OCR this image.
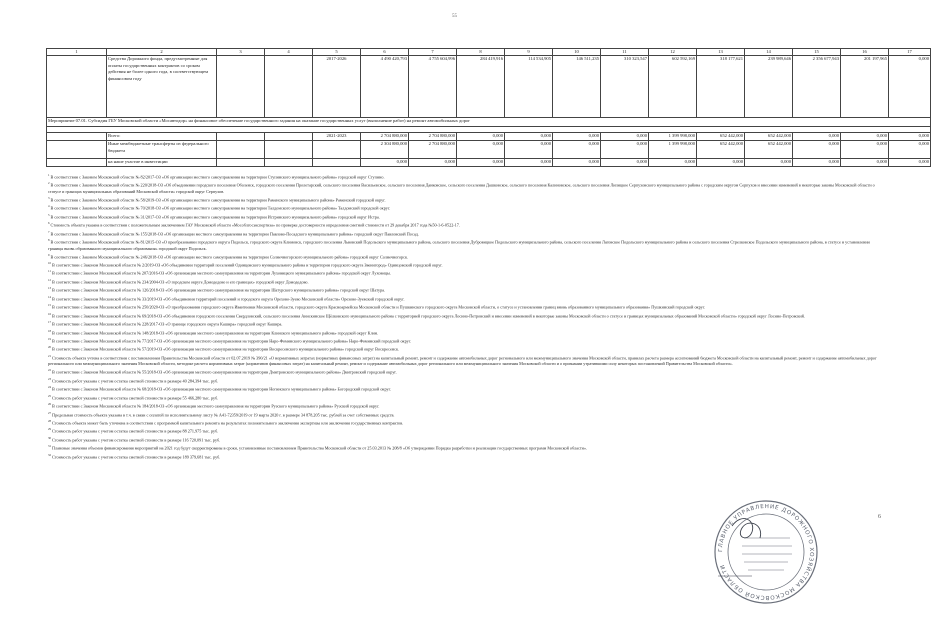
55
1	2	3	4	5	6	7	8	9	10	11	12	13	14	15	16	17
	Средства Дорожного фонда, предусмотренные для оплаты государственных контрактов со сроком действия не более одного года, в соответствующем финансовом году			2017-2026	4 490 420,793	4 755 604,996	284 419,916	114 534,905	146 511,235	310 323,547	602 592,169	318 177,621	239 989,646	2 356 677,943	201 197,965	0,000
Мероприятие 07.01. Субсидия ГБУ Московской области «Мосавтодор» на финансовое обеспечение государственного задания на оказание государственных услуг (выполнение работ) на ремонт автомобильных дорог																

	Всего:			2021-2023	2 704 880,000	2 704 880,000	0,000	0,000	0,000	0,000	1 399 998,000	652 442,000	652 442,000	0,000	0,000	0,000
	Иные межбюджетные трансферты из федерального бюджета				2 304 880,000	2 704 880,000	0,000	0,000	0,000	0,000	1 399 998,000	652 442,000	652 442,000	0,000	0,000	0,000
	на наше участие в инвестиции				0,000	0,000	0,000	0,000	0,000	0,000	0,000	0,000	0,000	0,000	0,000	0,000
$^1$ В соответствии с Законом Московской области № 82/2017-ОЗ «Об организации местного самоуправления на территории Ступинского муниципального района» городской округ Ступино.
$^2$ В соответствии с Законом Московской области № 220/2018-ОЗ «Об объединении городского поселения Оболенск, городского поселения Пролетарский, сельского поселения Васильевское, сельского поселения Данковское, сельского поселения Дашковское, сельского поселения Калиновское, сельского поселения Липицкое Серпуховского муниципального района с городским округом Серпухов и внесении изменений в некоторые законы Московской области о статусе и границах муниципальных образований Московской области» городской округ Серпухов.
$^3$ В соответствии с Законом Московской области № 58/2019-ОЗ «Об организации местного самоуправления на территории Раменского муниципального района» Раменский городской округ.
$^4$ В соответствии с Законом Московской области № 70/2018-ОЗ «Об организации местного самоуправления на территории Талдомского муниципального района» Талдомский городской округ.
$^5$ В соответствии с Законом Московской области № 31/2017-ОЗ «Об организации местного самоуправления на территории Истринского муниципального района» городской округ Истра.
$^6$ Стоимость объекта указана в соответствии с положительным заключением ГАУ Московской области «Мособлгосэкспертиза» по проверке достоверности определения сметной стоимости от 29 декабря 2017 года №50-1-6-0522-17.
$^7$ В соответствии с Законом Московской области № 155/2018-ОЗ «Об организации местного самоуправления на территории Павлово-Посадского муниципального района» городской округ Павловский Посад.
$^8$ В соответствии с Законом Московской области № 81/2015-ОЗ «О преобразовании городского округа Подольск, городского округа Климовск, городского поселения Львовский Подольского муниципального района, сельского поселения Дубровицкое Подольского муниципального района, сельского поселения Лаговское Подольского муниципального района и сельского поселения Стрелковское Подольского муниципального района, в статусе и установлении границы вновь образованного муниципального образования» городской округ Подольск.
$^9$ В соответствии с Законом Московской области № 246/2018-ОЗ «Об организации местного самоуправления на территории Солнечногорского муниципального района» городской округ Солнечногорск.
$^{10}$ В соответствии с Законом Московской области № 2/2019-ОЗ «Об объединении территорий поселений Одинцовского муниципального района и территории городского округа Звенигород» Одинцовский городской округ.
$^{11}$ В соответствии с Законом Московской области № 207/2016-ОЗ «Об организации местного самоуправления на территории Луховицкого муниципального района» городской округ Луховицы.
$^{12}$ В соответствии с Законом Московской области № 234/2004-ОЗ «О городском округе Домодедово и его границах» городской округ Домодедово.
$^{13}$ В соответствии с Законом Московской области № 126/2018-ОЗ «Об организации местного самоуправления на территории Шатурского муниципального района» городской округ Шатура.
$^{14}$ В соответствии с Законом Московской области № 33/2019-ОЗ «Об объединении территорий поселений и городского округа Орехово-Зуево Московской области» Орехово-Зуевский городской округ.
$^{15}$ В соответствии с Законом Московской области № 250/2020-ОЗ «О преобразовании городского округа Ивантеевки Московской области, городского округа Красноармейска Московской области и Пушкинского городского округа Московской области, о статусе и установлении границ вновь образованного муниципального образования» Пушкинский городской округ.
$^{16}$ В соответствии с Законом Московской области № 69/2018-ОЗ «Об объединении городского поселения Свердловский, сельского поселения Анискинское Щёлковского муниципального района с территорией городского округа Лосино-Петровский и внесении изменений в некоторые законы Московской области о статусе и границах муниципальных образований Московской области» городской округ Лосино-Петровский.
$^{17}$ В соответствии с Законом Московской области № 228/2017-ОЗ «О границе городского округа Кашира» городской округ Кашира.
$^{18}$ В соответствии с Законом Московской области № 148/2018-ОЗ «Об организации местного самоуправления на территории Клинского муниципального района» городской округ Клин.
$^{19}$ В соответствии с Законом Московской области № 77/2017-ОЗ «Об организации местного самоуправления на территории Наро-Фоминского муниципального района» Наро-Фоминский городской округ.
$^{20}$ В соответствии с Законом Московской области № 57/2019-ОЗ «Об организации местного самоуправления на территории Воскресенского муниципального района» городской округ Воскресенск.
$^{21}$ Стоимость объекта учтена в соответствии с постановлением Правительства Московской области от 02.07.2019 № 390/21 «О нормативных затратах (нормативах финансовых затрат) на капитальный ремонт, ремонт и содержание автомобильных дорог регионального или межмуниципального значения Московской области, правилах расчета размера ассигнований бюджета Московской области на капитальный ремонт, ремонт и содержание автомобильных дорог регионального или межмуниципального значения Московской области, методике расчета нормативных затрат (нормативов финансовых затрат) на капитальный ремонт, ремонт и содержание автомобильных дорог регионального или межмуниципального значения Московской области и о признании утратившими силу некоторых постановлений Правительства Московской области».
$^{22}$ В соответствии с Законом Московской области № 55/2018-ОЗ «Об организации местного самоуправления на территории Дмитровского муниципального района» Дмитровский городской округ.
$^{23}$ Стоимость работ указана с учетом остатка сметной стоимости в размере 40 284,394 тыс. руб.
$^{24}$ В соответствии с Законом Московской области № 68/2018-ОЗ «Об организации местного самоуправления на территории Ногинского муниципального района» Богородский городской округ.
$^{25}$ Стоимость работ указана с учетом остатка сметной стоимости в размере 55 466,280 тыс. руб.
$^{26}$ В соответствии с Законом Московской области № 184/2018-ОЗ «Об организации местного самоуправления на территории Рузского муниципального района» Рузский городской округ.
$^{27}$ Предельная стоимость объекта указана в т.ч. в связи с оплатой по исполнительному листу № А41-72359/2019 от 19 марта 2020 г. в размере 34 878,205 тыс. рублей за счет собственных средств.
$^{28}$ Стоимость объекта может быть уточнена в соответствии с программой капитального ремонта на результатах положительного заключения экспертизы или заключения государственных контрактов.
$^{29}$ Стоимость работ указана с учетом остатка сметной стоимости в размере 88 271,975 тыс. руб.
$^{30}$ Стоимость работ указана с учетом остатка сметной стоимости в размере 116 720,091 тыс. руб.
$^{31}$ Плановые значения объемов финансирования мероприятий на 2021 год будут скорректированы в сроки, установленные постановлением Правительства Московской области от 25.03.2013 № 208/8 «Об утверждении Порядка разработки и реализации государственных программ Московской области».
$^{32}$ Стоимость работ указана с учетом остатка сметной стоимости в размере 189 379,681 тыс. руб.
ГЛАВНОЕ УПРАВЛЕНИЕ ДОРОЖНОГО ХОЗЯЙСТВА МОСКОВСКОЙ ОБЛАСТИ
6
